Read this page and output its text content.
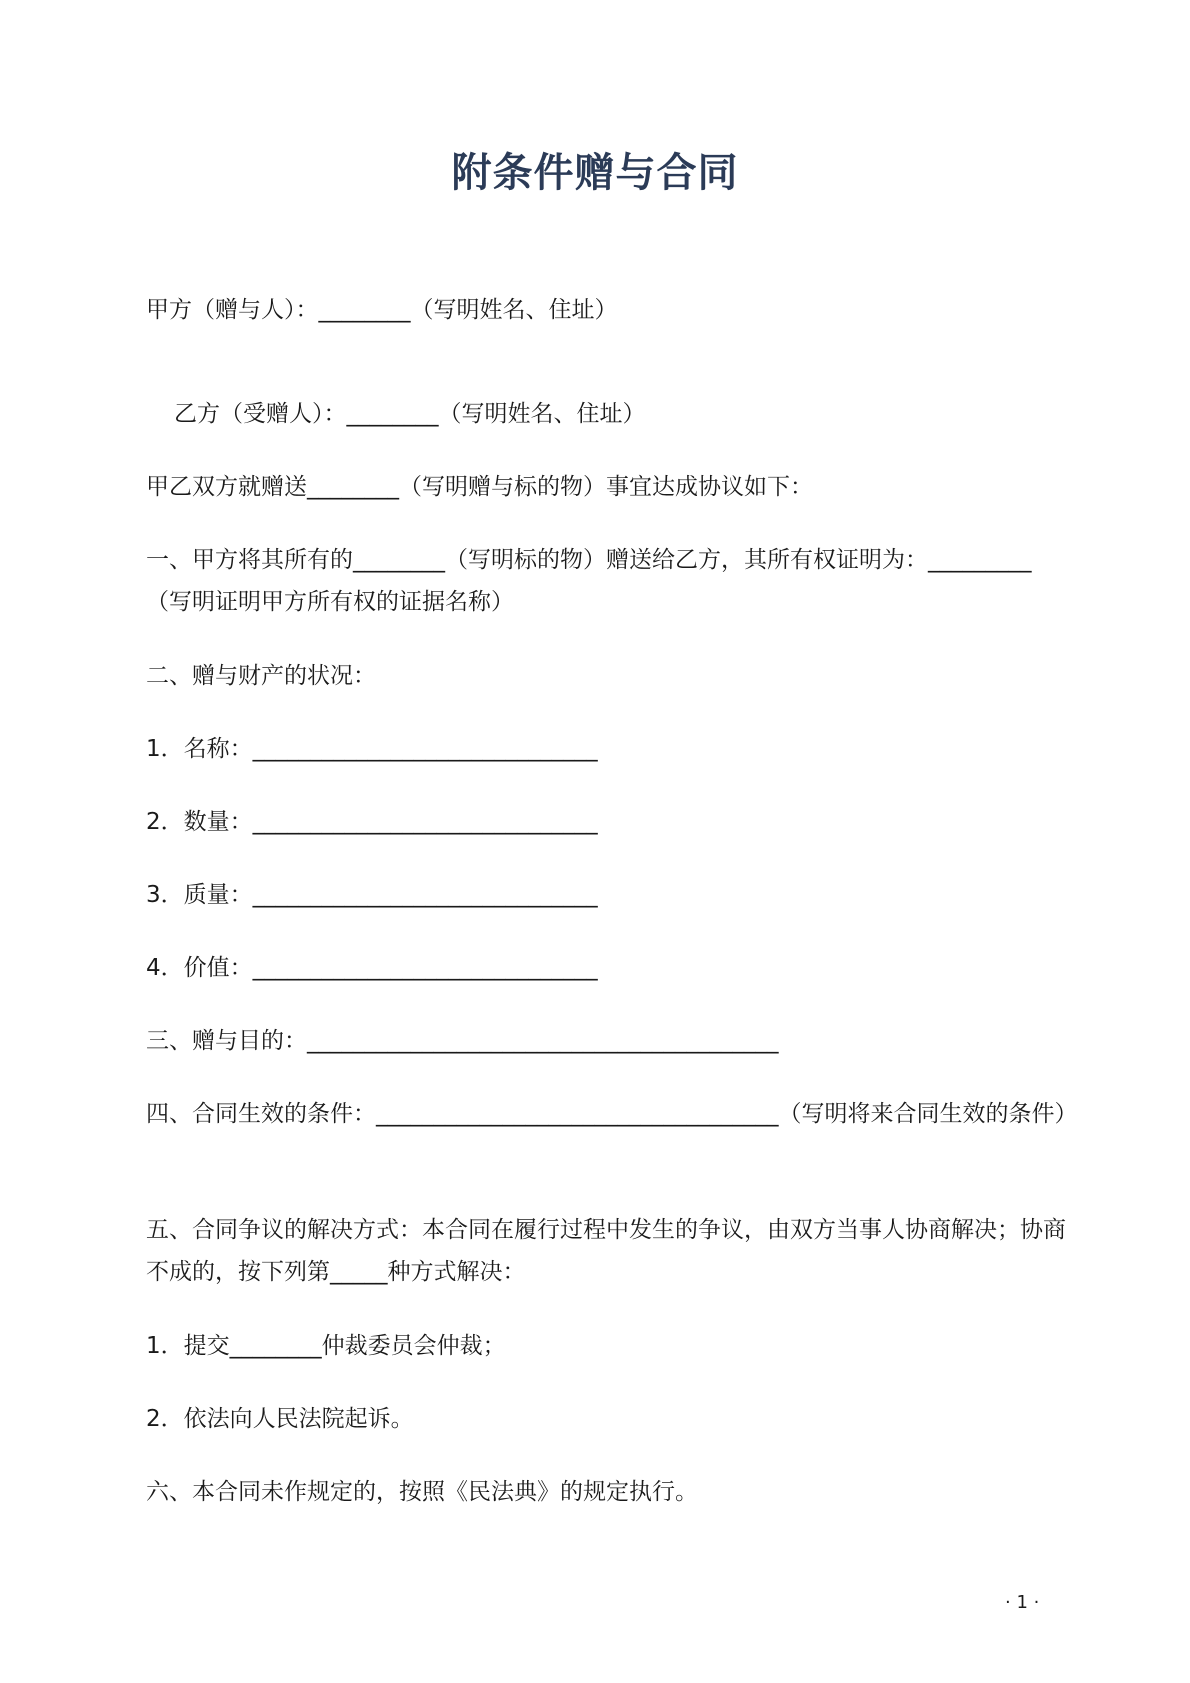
附条件赠与合同

甲方（赠与人）：________（写明姓名、住址）

乙方（受赠人）：________（写明姓名、住址）

甲乙双方就赠送________（写明赠与标的物）事宜达成协议如下：

一、甲方将其所有的________（写明标的物）赠送给乙方，其所有权证明为：_________（写明证明甲方所有权的证据名称）

二、赠与财产的状况：

1．名称：______________________________

2．数量：______________________________

3．质量：______________________________

4．价值：______________________________

三、赠与目的：_________________________________________

四、合同生效的条件：___________________________________（写明将来合同生效的条件）

五、合同争议的解决方式：本合同在履行过程中发生的争议，由双方当事人协商解决；协商不成的，按下列第_____种方式解决：

1．提交________仲裁委员会仲裁；

2．依法向人民法院起诉。

六、本合同未作规定的，按照《民法典》的规定执行。

· 1 ·
